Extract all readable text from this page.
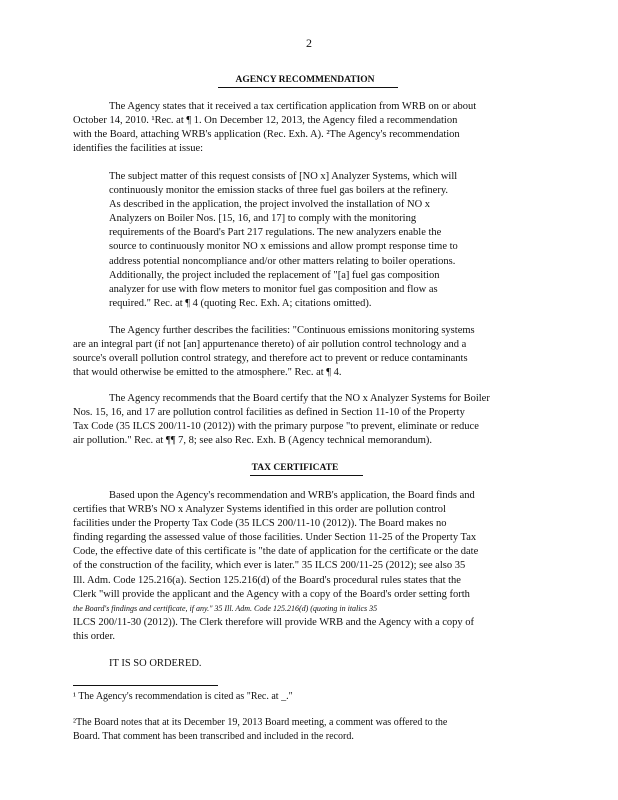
2
AGENCY RECOMMENDATION
The Agency states that it received a tax certification application from WRB on or about
October 14, 2010. ¹Rec. at ¶ 1. On December 12, 2013, the Agency filed a recommendation
with the Board, attaching WRB's application (Rec. Exh. A). ²The Agency's recommendation
identifies the facilities at issue:
The subject matter of this request consists of [NO x] Analyzer Systems, which will
continuously monitor the emission stacks of three fuel gas boilers at the refinery.
As described in the application, the project involved the installation of NO x
Analyzers on Boiler Nos. [15, 16, and 17] to comply with the monitoring
requirements of the Board's Part 217 regulations. The new analyzers enable the
source to continuously monitor NO x emissions and allow prompt response time to
address potential noncompliance and/or other matters relating to boiler operations.
Additionally, the project included the replacement of "[a] fuel gas composition
analyzer for use with flow meters to monitor fuel gas composition and flow as
required." Rec. at ¶ 4 (quoting Rec. Exh. A; citations omitted).
The Agency further describes the facilities: "Continuous emissions monitoring systems
are an integral part (if not [an] appurtenance thereto) of air pollution control technology and a
source's overall pollution control strategy, and therefore act to prevent or reduce contaminants
that would otherwise be emitted to the atmosphere." Rec. at ¶ 4.
The Agency recommends that the Board certify that the NO x Analyzer Systems for Boiler
Nos. 15, 16, and 17 are pollution control facilities as defined in Section 11-10 of the Property
Tax Code (35 ILCS 200/11-10 (2012)) with the primary purpose "to prevent, eliminate or reduce
air pollution." Rec. at ¶¶ 7, 8; see also Rec. Exh. B (Agency technical memorandum).
TAX CERTIFICATE
Based upon the Agency's recommendation and WRB's application, the Board finds and
certifies that WRB's NO x Analyzer Systems identified in this order are pollution control
facilities under the Property Tax Code (35 ILCS 200/11-10 (2012)). The Board makes no
finding regarding the assessed value of those facilities. Under Section 11-25 of the Property Tax
Code, the effective date of this certificate is "the date of application for the certificate or the date
of the construction of the facility, which ever is later." 35 ILCS 200/11-25 (2012); see also 35
Ill. Adm. Code 125.216(a). Section 125.216(d) of the Board's procedural rules states that the
Clerk "will provide the applicant and the Agency with a copy of the Board's order setting forth
the Board's findings and certificate, if any." 35 Ill. Adm. Code 125.216(d) (quoting in italics 35
ILCS 200/11-30 (2012)). The Clerk therefore will provide WRB and the Agency with a copy of
this order.
IT IS SO ORDERED.
¹ The Agency's recommendation is cited as "Rec. at _."
²The Board notes that at its December 19, 2013 Board meeting, a comment was offered to the
Board. That comment has been transcribed and included in the record.
